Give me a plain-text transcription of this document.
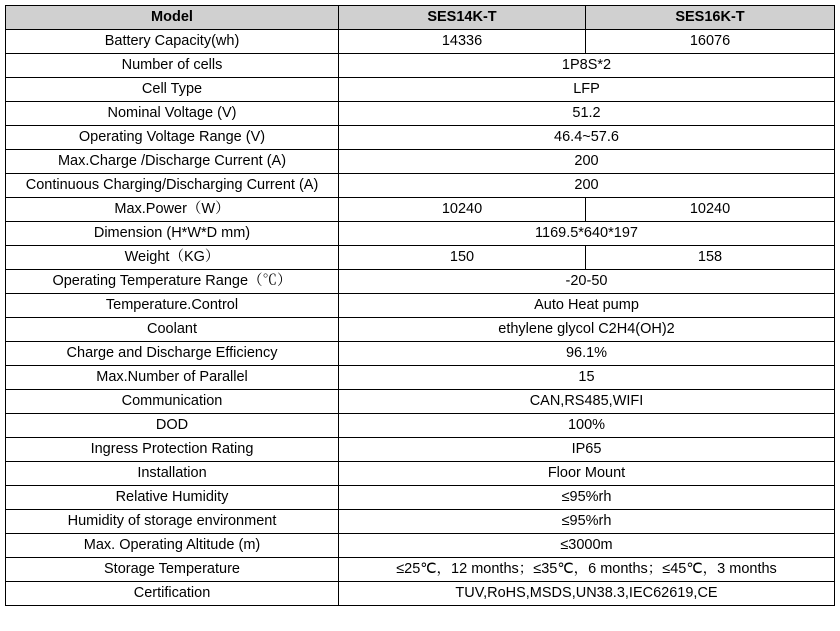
Model	SES14K-T	SES16K-T
Battery Capacity(wh)	14336	16076
Number of cells	1P8S*2	
Cell Type	LFP	
Nominal Voltage (V)	51.2	
Operating Voltage Range (V)	46.4~57.6	
Max.Charge /Discharge Current (A)	200	
Continuous Charging/Discharging Current (A)	200	
Max.Power（W）	10240	10240
Dimension (H*W*D mm)	1169.5*640*197	
Weight（KG）	150	158
Operating Temperature Range（℃）	-20-50	
Temperature.Control	Auto Heat pump	
Coolant	ethylene glycol C2H4(OH)2	
Charge and Discharge Efficiency	96.1%	
Max.Number of Parallel	15	
Communication	CAN,RS485,WIFI	
DOD	100%	
Ingress Protection Rating	IP65	
Installation	Floor Mount	
Relative Humidity	≤95%rh	
Humidity of storage environment	≤95%rh	
Max. Operating Altitude (m)	≤3000m	
Storage Temperature	≤25℃，12 months；≤35℃，6 months；≤45℃，3 months	
Certification	TUV,RoHS,MSDS,UN38.3,IEC62619,CE	
